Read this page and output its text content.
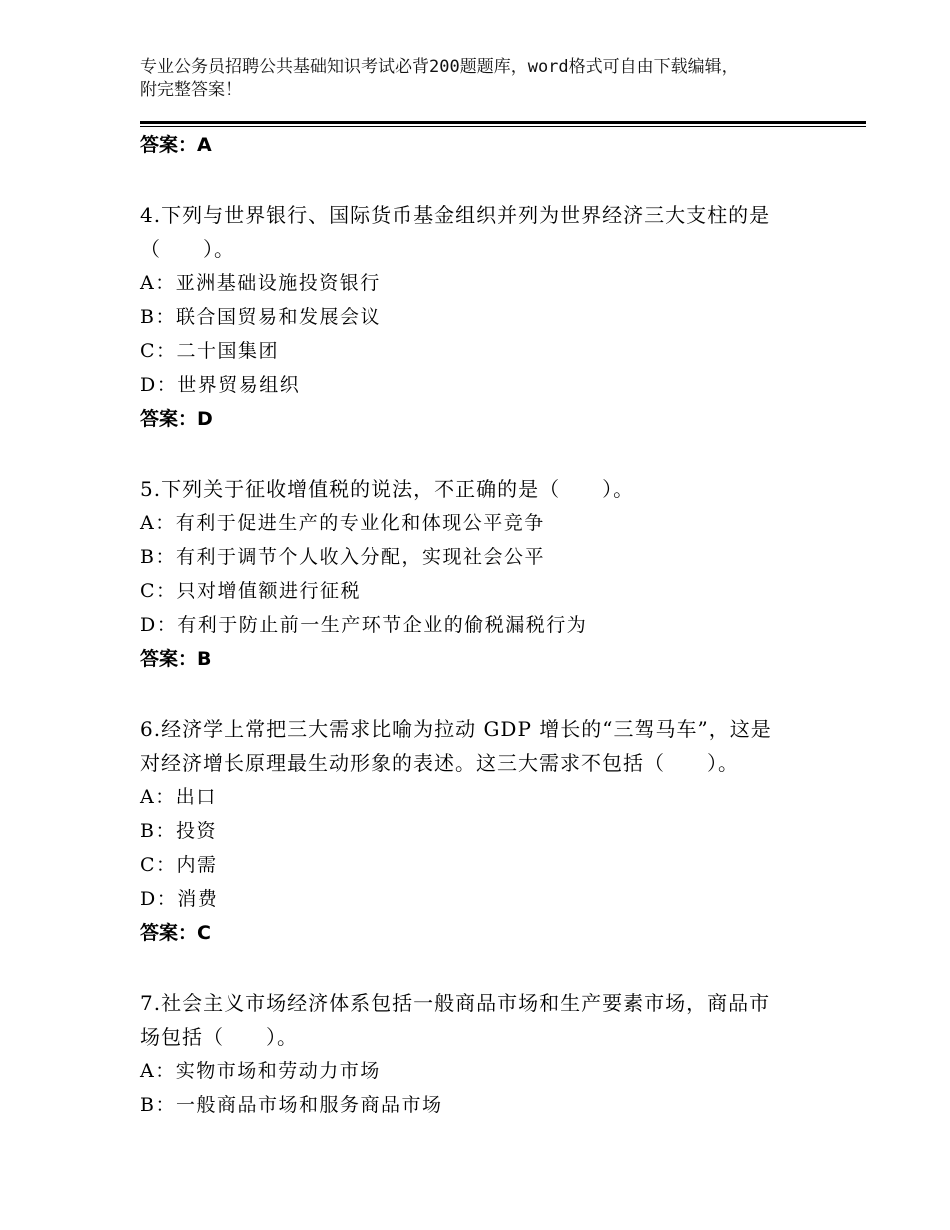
专业公务员招聘公共基础知识考试必背200题题库，word格式可自由下载编辑，
附完整答案！
答案：A
4.下列与世界银行、国际货币基金组织并列为世界经济三大支柱的是
（　　）。
A：亚洲基础设施投资银行
B：联合国贸易和发展会议
C：二十国集团
D：世界贸易组织
答案：D
5.下列关于征收增值税的说法，不正确的是（　　）。
A：有利于促进生产的专业化和体现公平竞争
B：有利于调节个人收入分配，实现社会公平
C：只对增值额进行征税
D：有利于防止前一生产环节企业的偷税漏税行为
答案：B
6.经济学上常把三大需求比喻为拉动 GDP 增长的“三驾马车”，这是
对经济增长原理最生动形象的表述。这三大需求不包括（　　）。
A：出口
B：投资
C：内需
D：消费
答案：C
7.社会主义市场经济体系包括一般商品市场和生产要素市场，商品市
场包括（　　）。
A：实物市场和劳动力市场
B：一般商品市场和服务商品市场
